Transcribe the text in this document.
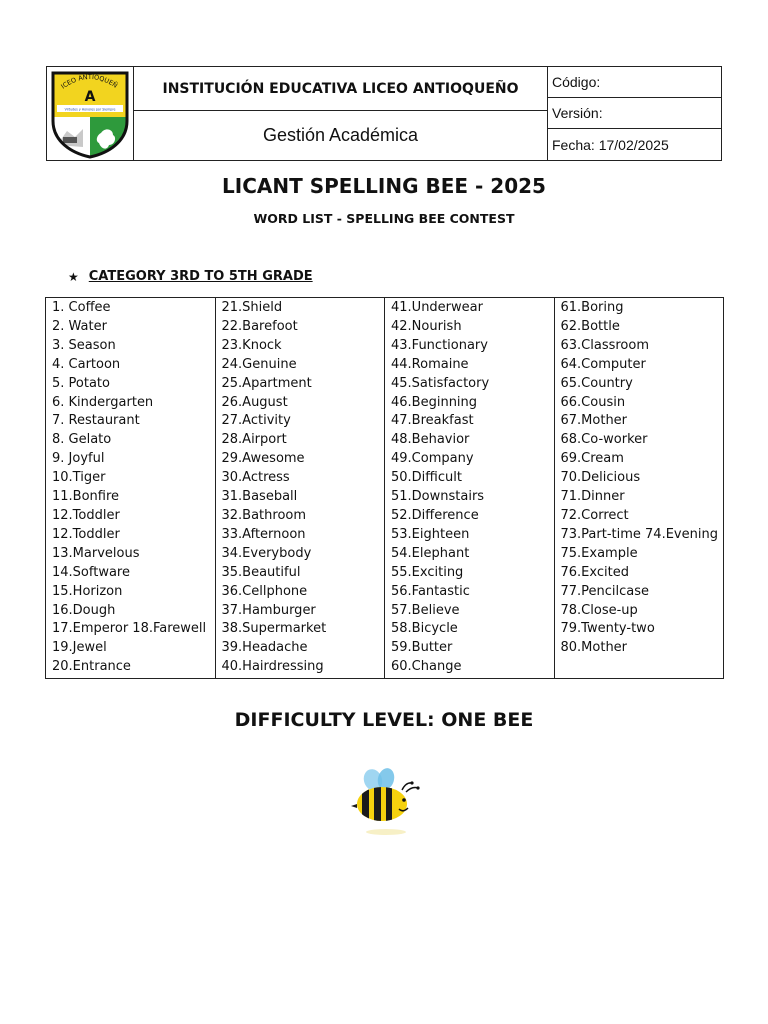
ICEO ANTIOQUEÑ
A
Virtudes y Honores por Siempre
INSTITUCIÓN EDUCATIVA LICEO ANTIOQUEÑO
Gestión Académica
Código:
Versión:
Fecha: 17/02/2025
LICANT SPELLING BEE - 2025
WORD LIST - SPELLING BEE CONTEST
★ CATEGORY 3RD TO 5TH GRADE
1. Coffee
2. Water
3. Season
4. Cartoon
5. Potato
6. Kindergarten
7. Restaurant
8. Gelato
9. Joyful
10.Tiger
11.Bonfire
12.Toddler
12.Toddler
13.Marvelous
14.Software
15.Horizon
16.Dough
17.Emperor 18.Farewell
19.Jewel
20.Entrance

21.Shield
22.Barefoot
23.Knock
24.Genuine
25.Apartment
26.August
27.Activity
28.Airport
29.Awesome
30.Actress
31.Baseball
32.Bathroom
33.Afternoon
34.Everybody
35.Beautiful
36.Cellphone
37.Hamburger
38.Supermarket
39.Headache
40.Hairdressing

41.Underwear
42.Nourish
43.Functionary
44.Romaine
45.Satisfactory
46.Beginning
47.Breakfast
48.Behavior
49.Company
50.Difficult
51.Downstairs
52.Difference
53.Eighteen
54.Elephant
55.Exciting
56.Fantastic
57.Believe
58.Bicycle
59.Butter
60.Change

61.Boring
62.Bottle
63.Classroom
64.Computer
65.Country
66.Cousin
67.Mother
68.Co-worker
69.Cream
70.Delicious
71.Dinner
72.Correct
73.Part-time 74.Evening
75.Example
76.Excited
77.Pencilcase
78.Close-up
79.Twenty-two
80.Mother
DIFFICULTY LEVEL: ONE BEE
